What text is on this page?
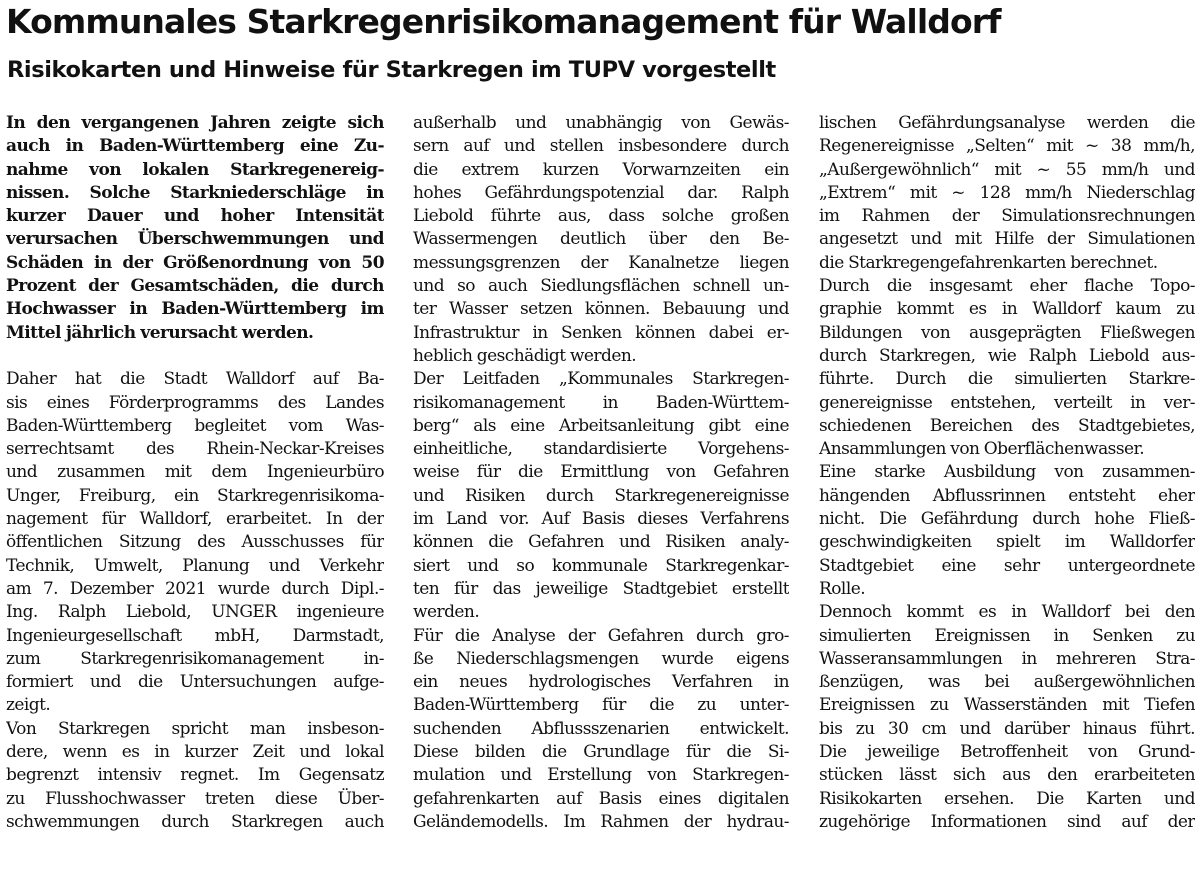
Kommunales Starkregenrisikomanagement für Walldorf
Risikokarten und Hinweise für Starkregen im TUPV vorgestellt
In den vergangenen Jahren zeigte sich
auch in Baden-Württemberg eine Zu-
nahme von lokalen Starkregenereig-
nissen. Solche Starkniederschläge in
kurzer Dauer und hoher Intensität
verursachen Überschwemmungen und
Schäden in der Größenordnung von 50
Prozent der Gesamtschäden, die durch
Hochwasser in Baden-Württemberg im
Mittel jährlich verursacht werden.
Daher hat die Stadt Walldorf auf Ba-
sis eines Förderprogramms des Landes
Baden-Württemberg begleitet vom Was-
serrechtsamt des Rhein-Neckar-Kreises
und zusammen mit dem Ingenieurbüro
Unger, Freiburg, ein Starkregenrisikoma-
nagement für Walldorf, erarbeitet. In der
öffentlichen Sitzung des Ausschusses für
Technik, Umwelt, Planung und Verkehr
am 7. Dezember 2021 wurde durch Dipl.-
Ing. Ralph Liebold, UNGER ingenieure
Ingenieurgesellschaft mbH, Darmstadt,
zum Starkregenrisikomanagement in-
formiert und die Untersuchungen aufge-
zeigt.
Von Starkregen spricht man insbeson-
dere, wenn es in kurzer Zeit und lokal
begrenzt intensiv regnet. Im Gegensatz
zu Flusshochwasser treten diese Über-
schwemmungen durch Starkregen auch
außerhalb und unabhängig von Gewäs-
sern auf und stellen insbesondere durch
die extrem kurzen Vorwarnzeiten ein
hohes Gefährdungspotenzial dar. Ralph
Liebold führte aus, dass solche großen
Wassermengen deutlich über den Be-
messungsgrenzen der Kanalnetze liegen
und so auch Siedlungsflächen schnell un-
ter Wasser setzen können. Bebauung und
Infrastruktur in Senken können dabei er-
heblich geschädigt werden.
Der Leitfaden „Kommunales Starkregen-
risikomanagement in Baden-Württem-
berg“ als eine Arbeitsanleitung gibt eine
einheitliche, standardisierte Vorgehens-
weise für die Ermittlung von Gefahren
und Risiken durch Starkregenereignisse
im Land vor. Auf Basis dieses Verfahrens
können die Gefahren und Risiken analy-
siert und so kommunale Starkregenkar-
ten für das jeweilige Stadtgebiet erstellt
werden.
Für die Analyse der Gefahren durch gro-
ße Niederschlagsmengen wurde eigens
ein neues hydrologisches Verfahren in
Baden-Württemberg für die zu unter-
suchenden Abflussszenarien entwickelt.
Diese bilden die Grundlage für die Si-
mulation und Erstellung von Starkregen-
gefahrenkarten auf Basis eines digitalen
Geländemodells. Im Rahmen der hydrau-
lischen Gefährdungsanalyse werden die
Regenereignisse „Selten“ mit ~ 38 mm/h,
„Außergewöhnlich“ mit ~ 55 mm/h und
„Extrem“ mit ~ 128 mm/h Niederschlag
im Rahmen der Simulationsrechnungen
angesetzt und mit Hilfe der Simulationen
die Starkregengefahrenkarten berechnet.
Durch die insgesamt eher flache Topo-
graphie kommt es in Walldorf kaum zu
Bildungen von ausgeprägten Fließwegen
durch Starkregen, wie Ralph Liebold aus-
führte. Durch die simulierten Starkre-
genereignisse entstehen, verteilt in ver-
schiedenen Bereichen des Stadtgebietes,
Ansammlungen von Oberflächenwasser.
Eine starke Ausbildung von zusammen-
hängenden Abflussrinnen entsteht eher
nicht. Die Gefährdung durch hohe Fließ-
geschwindigkeiten spielt im Walldorfer
Stadtgebiet eine sehr untergeordnete
Rolle.
Dennoch kommt es in Walldorf bei den
simulierten Ereignissen in Senken zu
Wasseransammlungen in mehreren Stra-
ßenzügen, was bei außergewöhnlichen
Ereignissen zu Wasserständen mit Tiefen
bis zu 30 cm und darüber hinaus führt.
Die jeweilige Betroffenheit von Grund-
stücken lässt sich aus den erarbeiteten
Risikokarten ersehen. Die Karten und
zugehörige Informationen sind auf der
